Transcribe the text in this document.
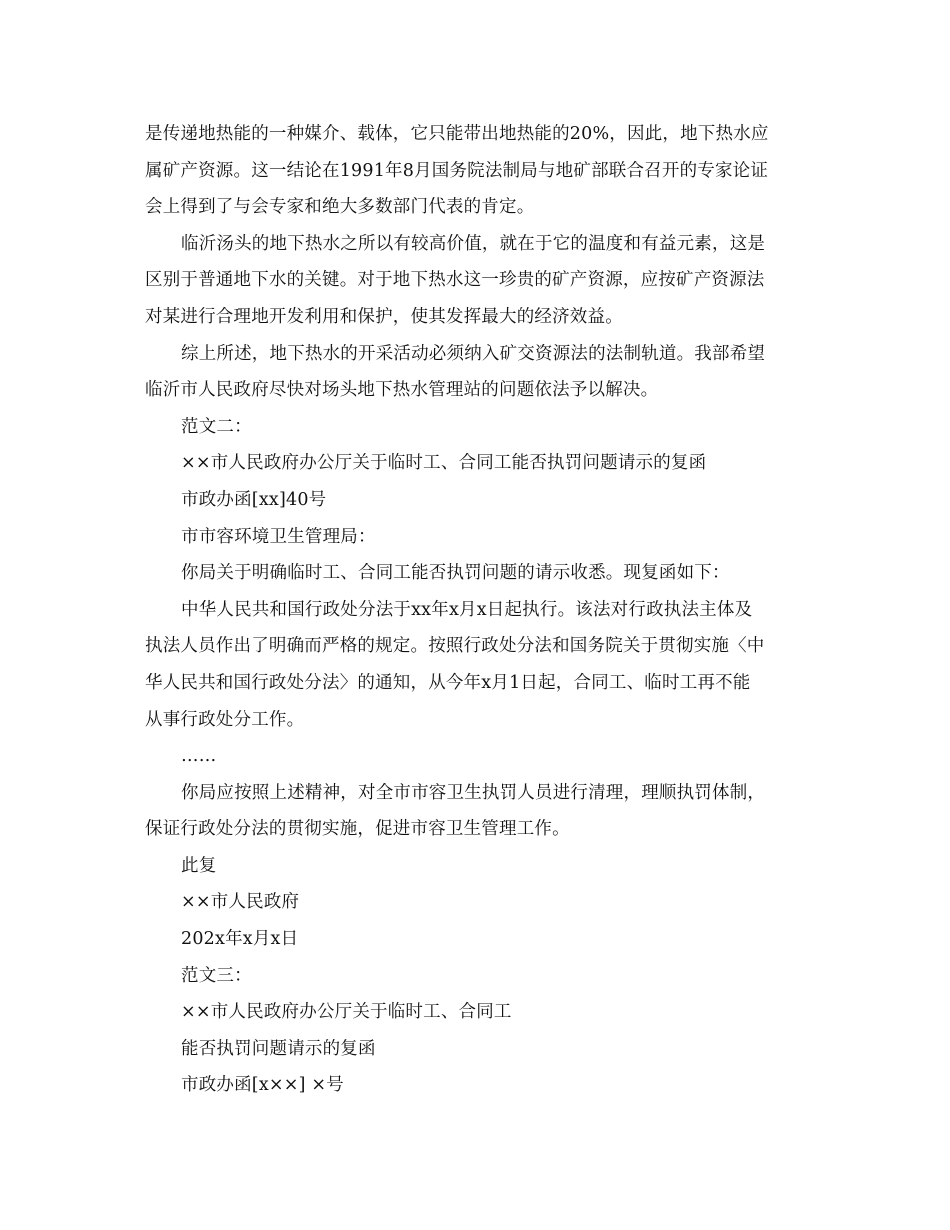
是传递地热能的一种媒介、载体，它只能带出地热能的20%，因此，地下热水应
属矿产资源。这一结论在1991年8月国务院法制局与地矿部联合召开的专家论证
会上得到了与会专家和绝大多数部门代表的肯定。

临沂汤头的地下热水之所以有较高价值，就在于它的温度和有益元素，这是
区别于普通地下水的关键。对于地下热水这一珍贵的矿产资源，应按矿产资源法
对某进行合理地开发利用和保护，使其发挥最大的经济效益。

综上所述，地下热水的开采活动必须纳入矿交资源法的法制轨道。我部希望
临沂市人民政府尽快对场头地下热水管理站的问题依法予以解决。

范文二：

××市人民政府办公厅关于临时工、合同工能否执罚问题请示的复函

市政办函[xx]40号

市市容环境卫生管理局：

你局关于明确临时工、合同工能否执罚问题的请示收悉。现复函如下：

中华人民共和国行政处分法于xx年x月x日起执行。该法对行政执法主体及
执法人员作出了明确而严格的规定。按照行政处分法和国务院关于贯彻实施〈中
华人民共和国行政处分法〉的通知，从今年x月1日起，合同工、临时工再不能
从事行政处分工作。

……

你局应按照上述精神，对全市市容卫生执罚人员进行清理，理顺执罚体制，
保证行政处分法的贯彻实施，促进市容卫生管理工作。

此复

××市人民政府

202x年x月x日

范文三：

××市人民政府办公厅关于临时工、合同工

能否执罚问题请示的复函

市政办函[x××] ×号
